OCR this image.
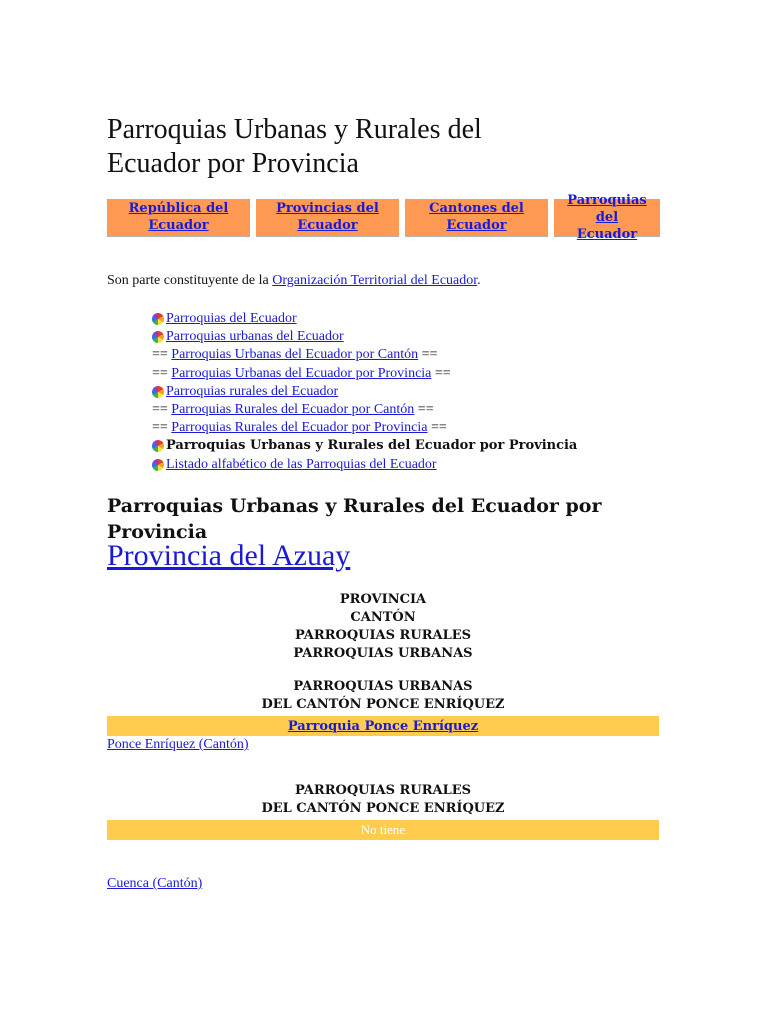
Parroquias Urbanas y Rurales del
Ecuador por Provincia
República del
Ecuador
Provincias del
Ecuador
Cantones del
Ecuador
Parroquias del
Ecuador
Son parte constituyente de la Organización Territorial del Ecuador.
Parroquias del Ecuador
Parroquias urbanas del Ecuador
==
Parroquias Urbanas del Ecuador por Cantón
==
==
Parroquias Urbanas del Ecuador por Provincia
==
Parroquias rurales del Ecuador
==
Parroquias Rurales del Ecuador por Cantón
==
==
Parroquias Rurales del Ecuador por Provincia
==
Parroquias Urbanas y Rurales del Ecuador por Provincia
Listado alfabético de las Parroquias del Ecuador
Parroquias Urbanas y Rurales del Ecuador por Provincia
Provincia del Azuay
PROVINCIA
CANTÓN
PARROQUIAS RURALES
PARROQUIAS URBANAS
PARROQUIAS URBANAS
DEL CANTÓN PONCE ENRÍQUEZ
Parroquia Ponce Enríquez
Ponce Enríquez (Cantón)
PARROQUIAS RURALES
DEL CANTÓN PONCE ENRÍQUEZ
No tiene
Cuenca (Cantón)
